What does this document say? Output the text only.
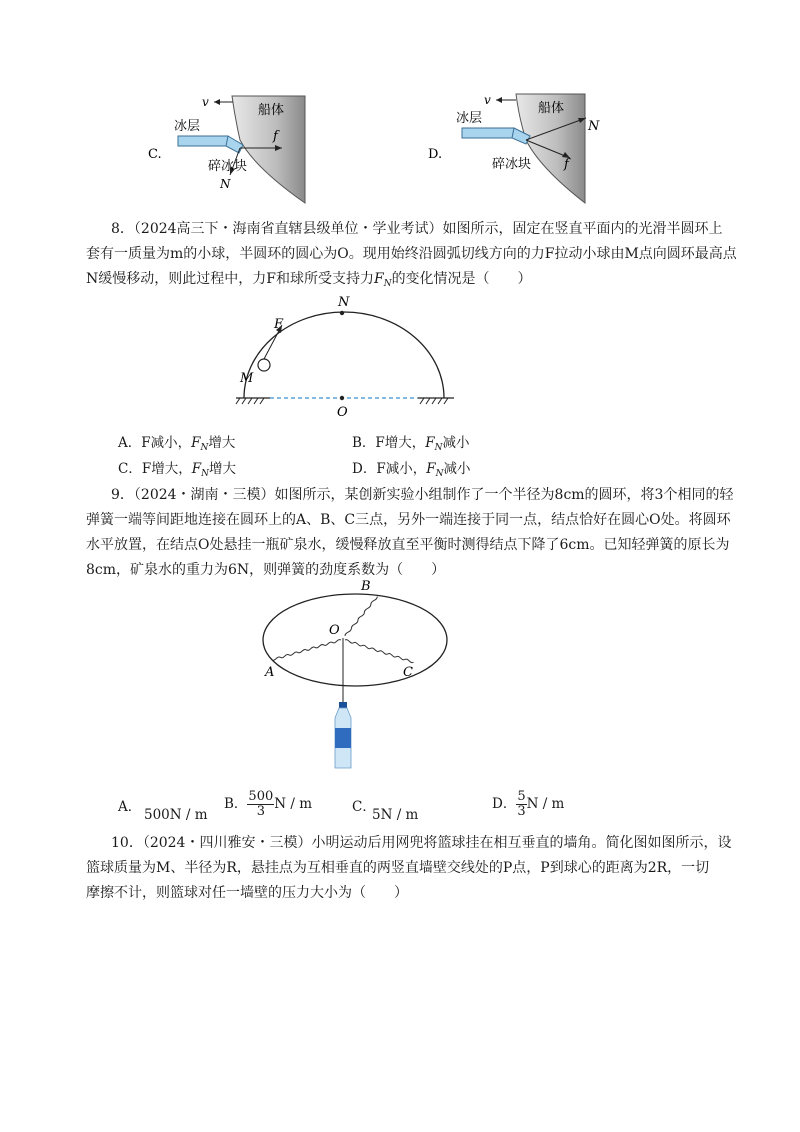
C.
v
船体
冰层
f
碎冰块
N
D.
v
船体
冰层
N
碎冰块	f
8．（2024高三下・海南省直辖县级单位・学业考试）如图所示，固定在竖直平面内的光滑半圆环上
套有一质量为m的小球，半圆环的圆心为O。现用始终沿圆弧切线方向的力F拉动小球由M点向圆环最高点
N缓慢移动，则此过程中，力F和球所受支持力$F_N$的变化情况是（　　）
N
F
M
O
A．F减小，$F_N$增大	B．F增大，$F_N$减小
C．F增大，$F_N$增大	D．F减小，$F_N$减小
9．（2024・湖南・三模）如图所示，某创新实验小组制作了一个半径为8cm的圆环，将3个相同的轻
弹簧一端等间距地连接在圆环上的A、B、C三点，另外一端连接于同一点，结点恰好在圆心O处。将圆环
水平放置，在结点O处悬挂一瓶矿泉水，缓慢释放直至平衡时测得结点下降了6cm。已知轻弹簧的原长为
8cm，矿泉水的重力为6N，则弹簧的劲度系数为（　　）
B
O
A	C
A． 500N / m
B． $\frac{500}{3}$ N / m	C．
5N / m
D． $\frac{5}{3}$ N / m
10．（2024・四川雅安・三模）小明运动后用网兜将篮球挂在相互垂直的墙角。简化图如图所示，设
篮球质量为M、半径为R，悬挂点为互相垂直的两竖直墙壁交线处的P点，P到球心的距离为2R，一切
摩擦不计，则篮球对任一墙壁的压力大小为（　　）
